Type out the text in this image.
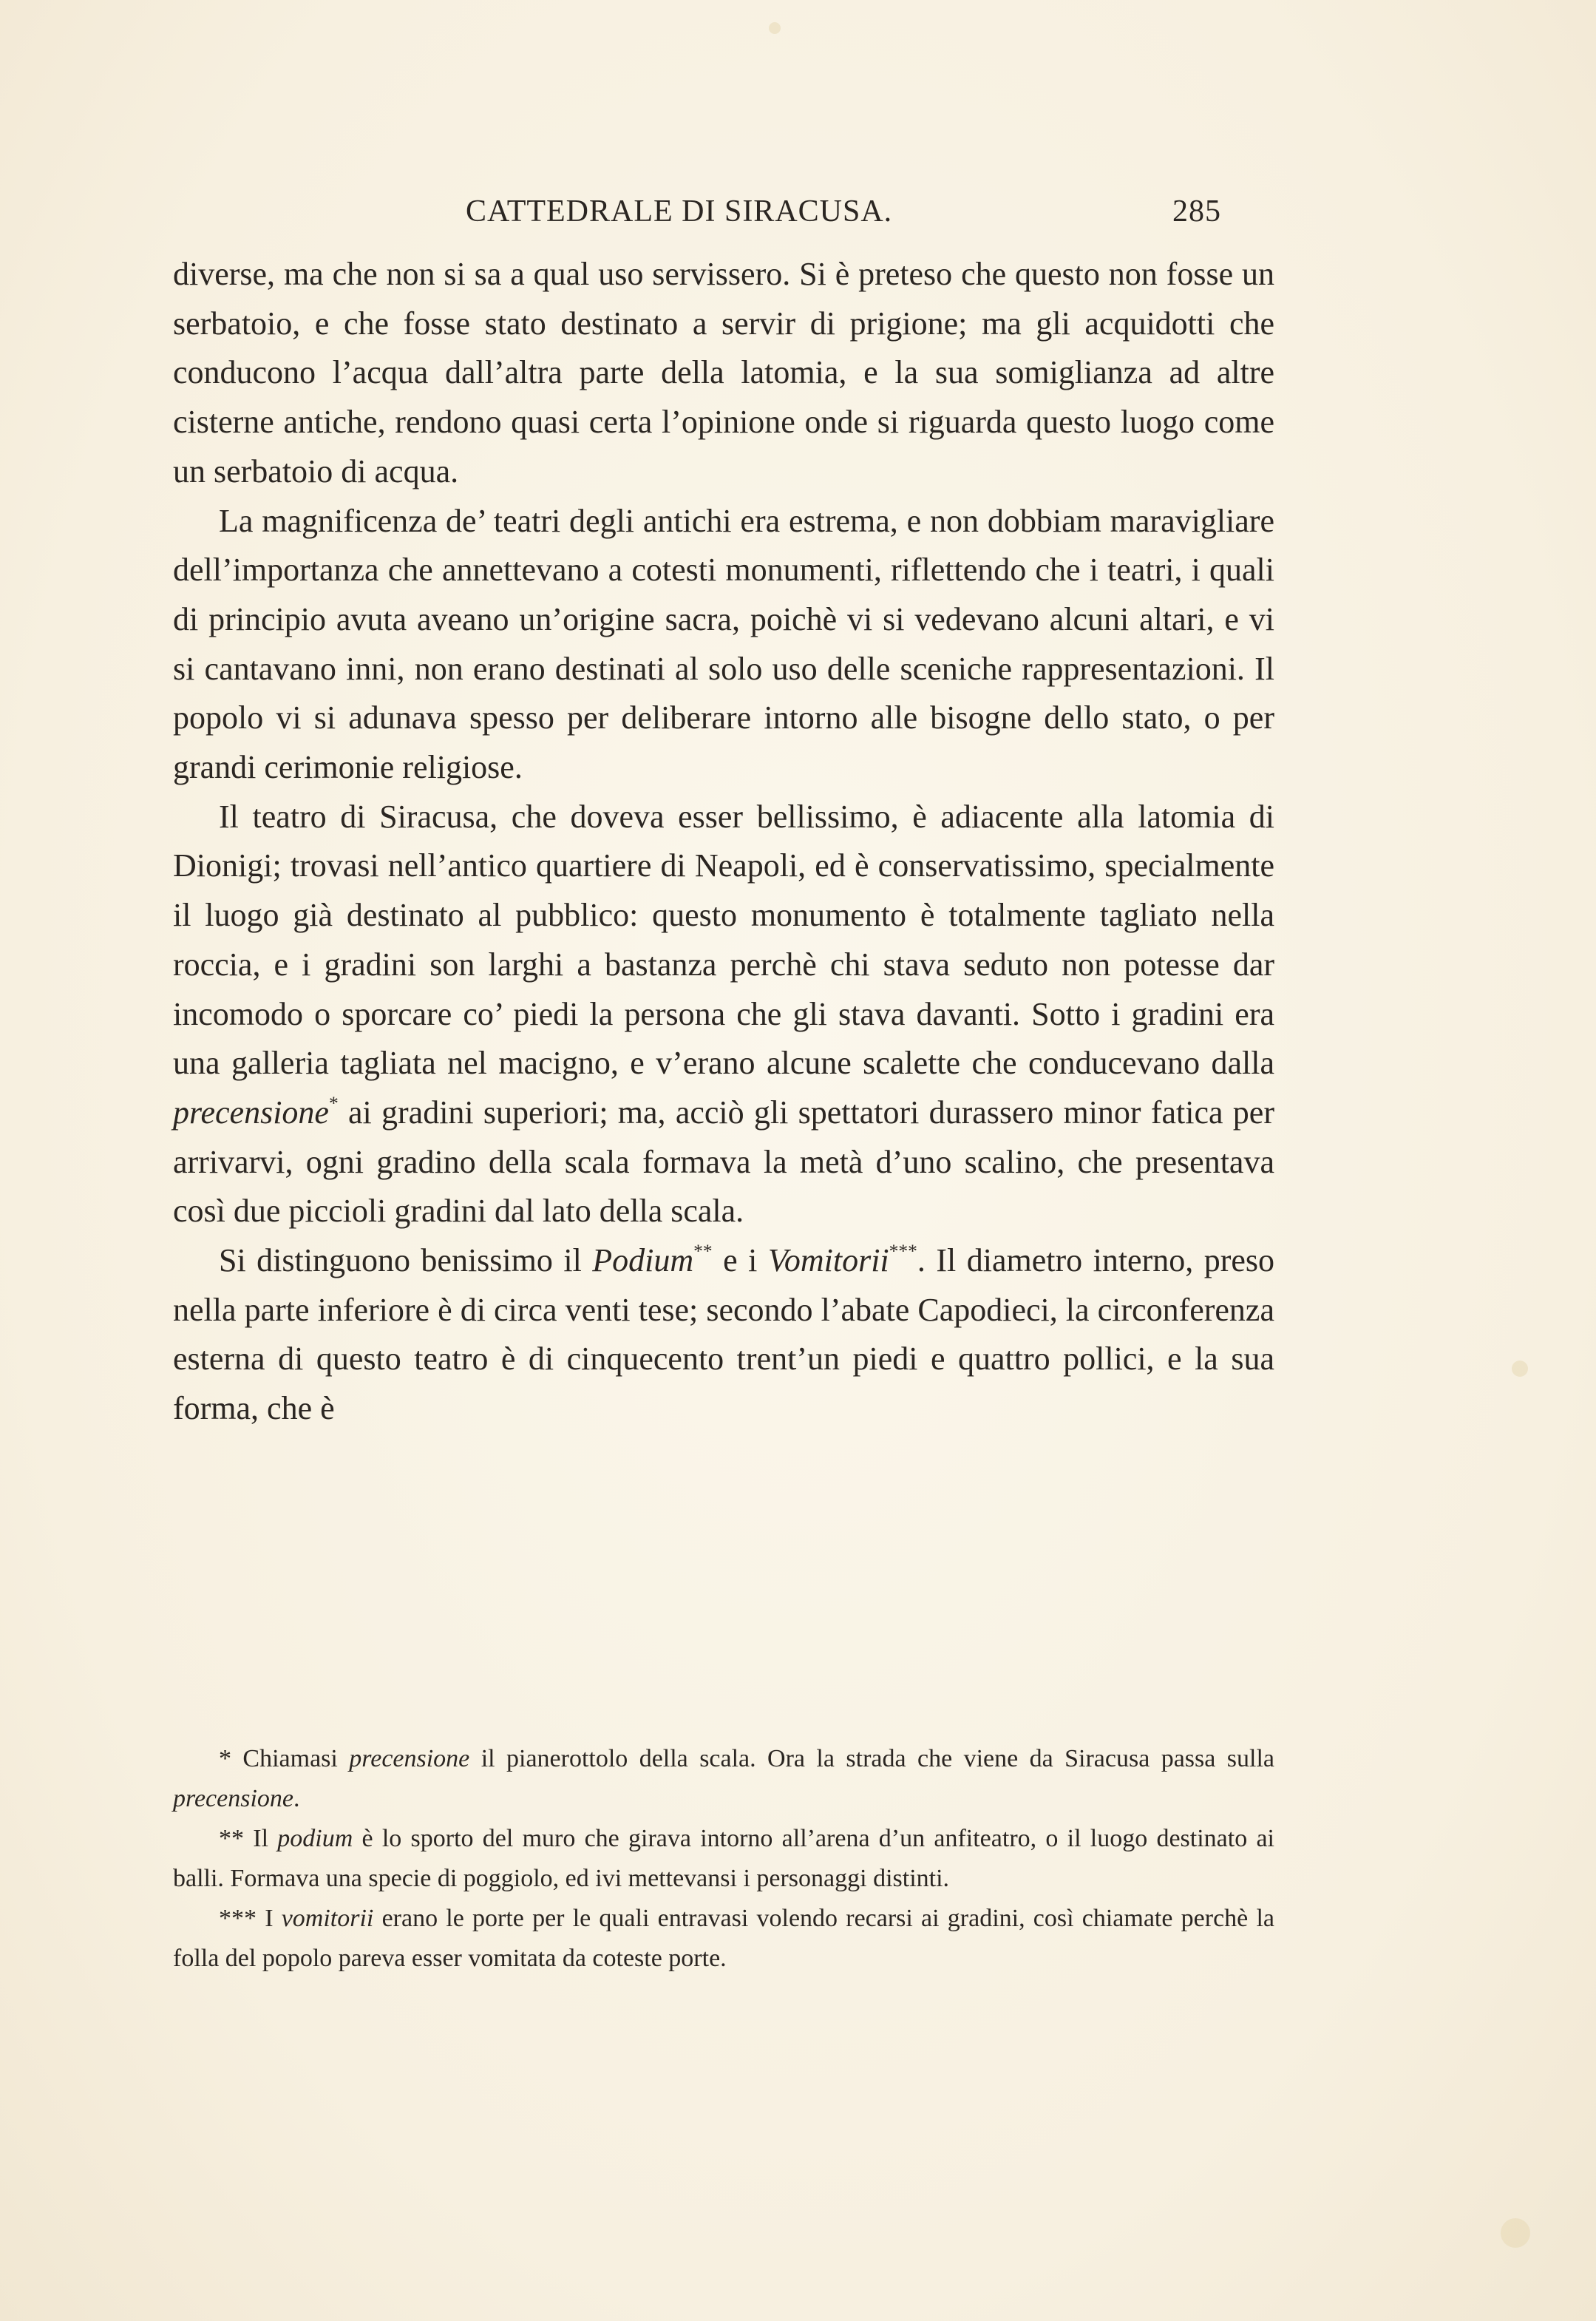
CATTEDRALE DI SIRACUSA.	285

diverse, ma che non si sa a qual uso servissero. Si è preteso che questo non fosse un serbatoio, e che fosse stato destinato a servir di prigione; ma gli acquidotti che conducono l’acqua dall’altra parte della latomia, e la sua somiglianza ad altre cisterne antiche, rendono quasi certa l’opinione onde si riguarda questo luogo come un serbatoio di acqua.

La magnificenza de’ teatri degli antichi era estrema, e non dobbiam maravigliare dell’importanza che annettevano a cotesti monumenti, riflettendo che i teatri, i quali di principio avuta aveano un’origine sacra, poichè vi si vedevano alcuni altari, e vi si cantavano inni, non erano destinati al solo uso delle sceniche rappresentazioni. Il popolo vi si adunava spesso per deliberare intorno alle bisogne dello stato, o per grandi cerimonie religiose.

Il teatro di Siracusa, che doveva esser bellissimo, è adiacente alla latomia di Dionigi; trovasi nell’antico quartiere di Neapoli, ed è conservatissimo, specialmente il luogo già destinato al pubblico: questo monumento è totalmente tagliato nella roccia, e i gradini son larghi a bastanza perchè chi stava seduto non potesse dar incomodo o sporcare co’ piedi la persona che gli stava davanti. Sotto i gradini era una galleria tagliata nel macigno, e v’erano alcune scalette che conducevano dalla precensione* ai gradini superiori; ma, acciò gli spettatori durassero minor fatica per arrivarvi, ogni gradino della scala formava la metà d’uno scalino, che presentava così due piccioli gradini dal lato della scala.

Si distinguono benissimo il Podium** e i Vomitorii***. Il diametro interno, preso nella parte inferiore è di circa venti tese; secondo l’abate Capodieci, la circonferenza esterna di questo teatro è di cinquecento trent’un piedi e quattro pollici, e la sua forma, che è

* Chiamasi precensione il pianerottolo della scala. Ora la strada che viene da Siracusa passa sulla precensione.

** Il podium è lo sporto del muro che girava intorno all’arena d’un anfiteatro, o il luogo destinato ai balli. Formava una specie di poggiolo, ed ivi mettevansi i personaggi distinti.

*** I vomitorii erano le porte per le quali entravasi volendo recarsi ai gradini, così chiamate perchè la folla del popolo pareva esser vomitata da coteste porte.
